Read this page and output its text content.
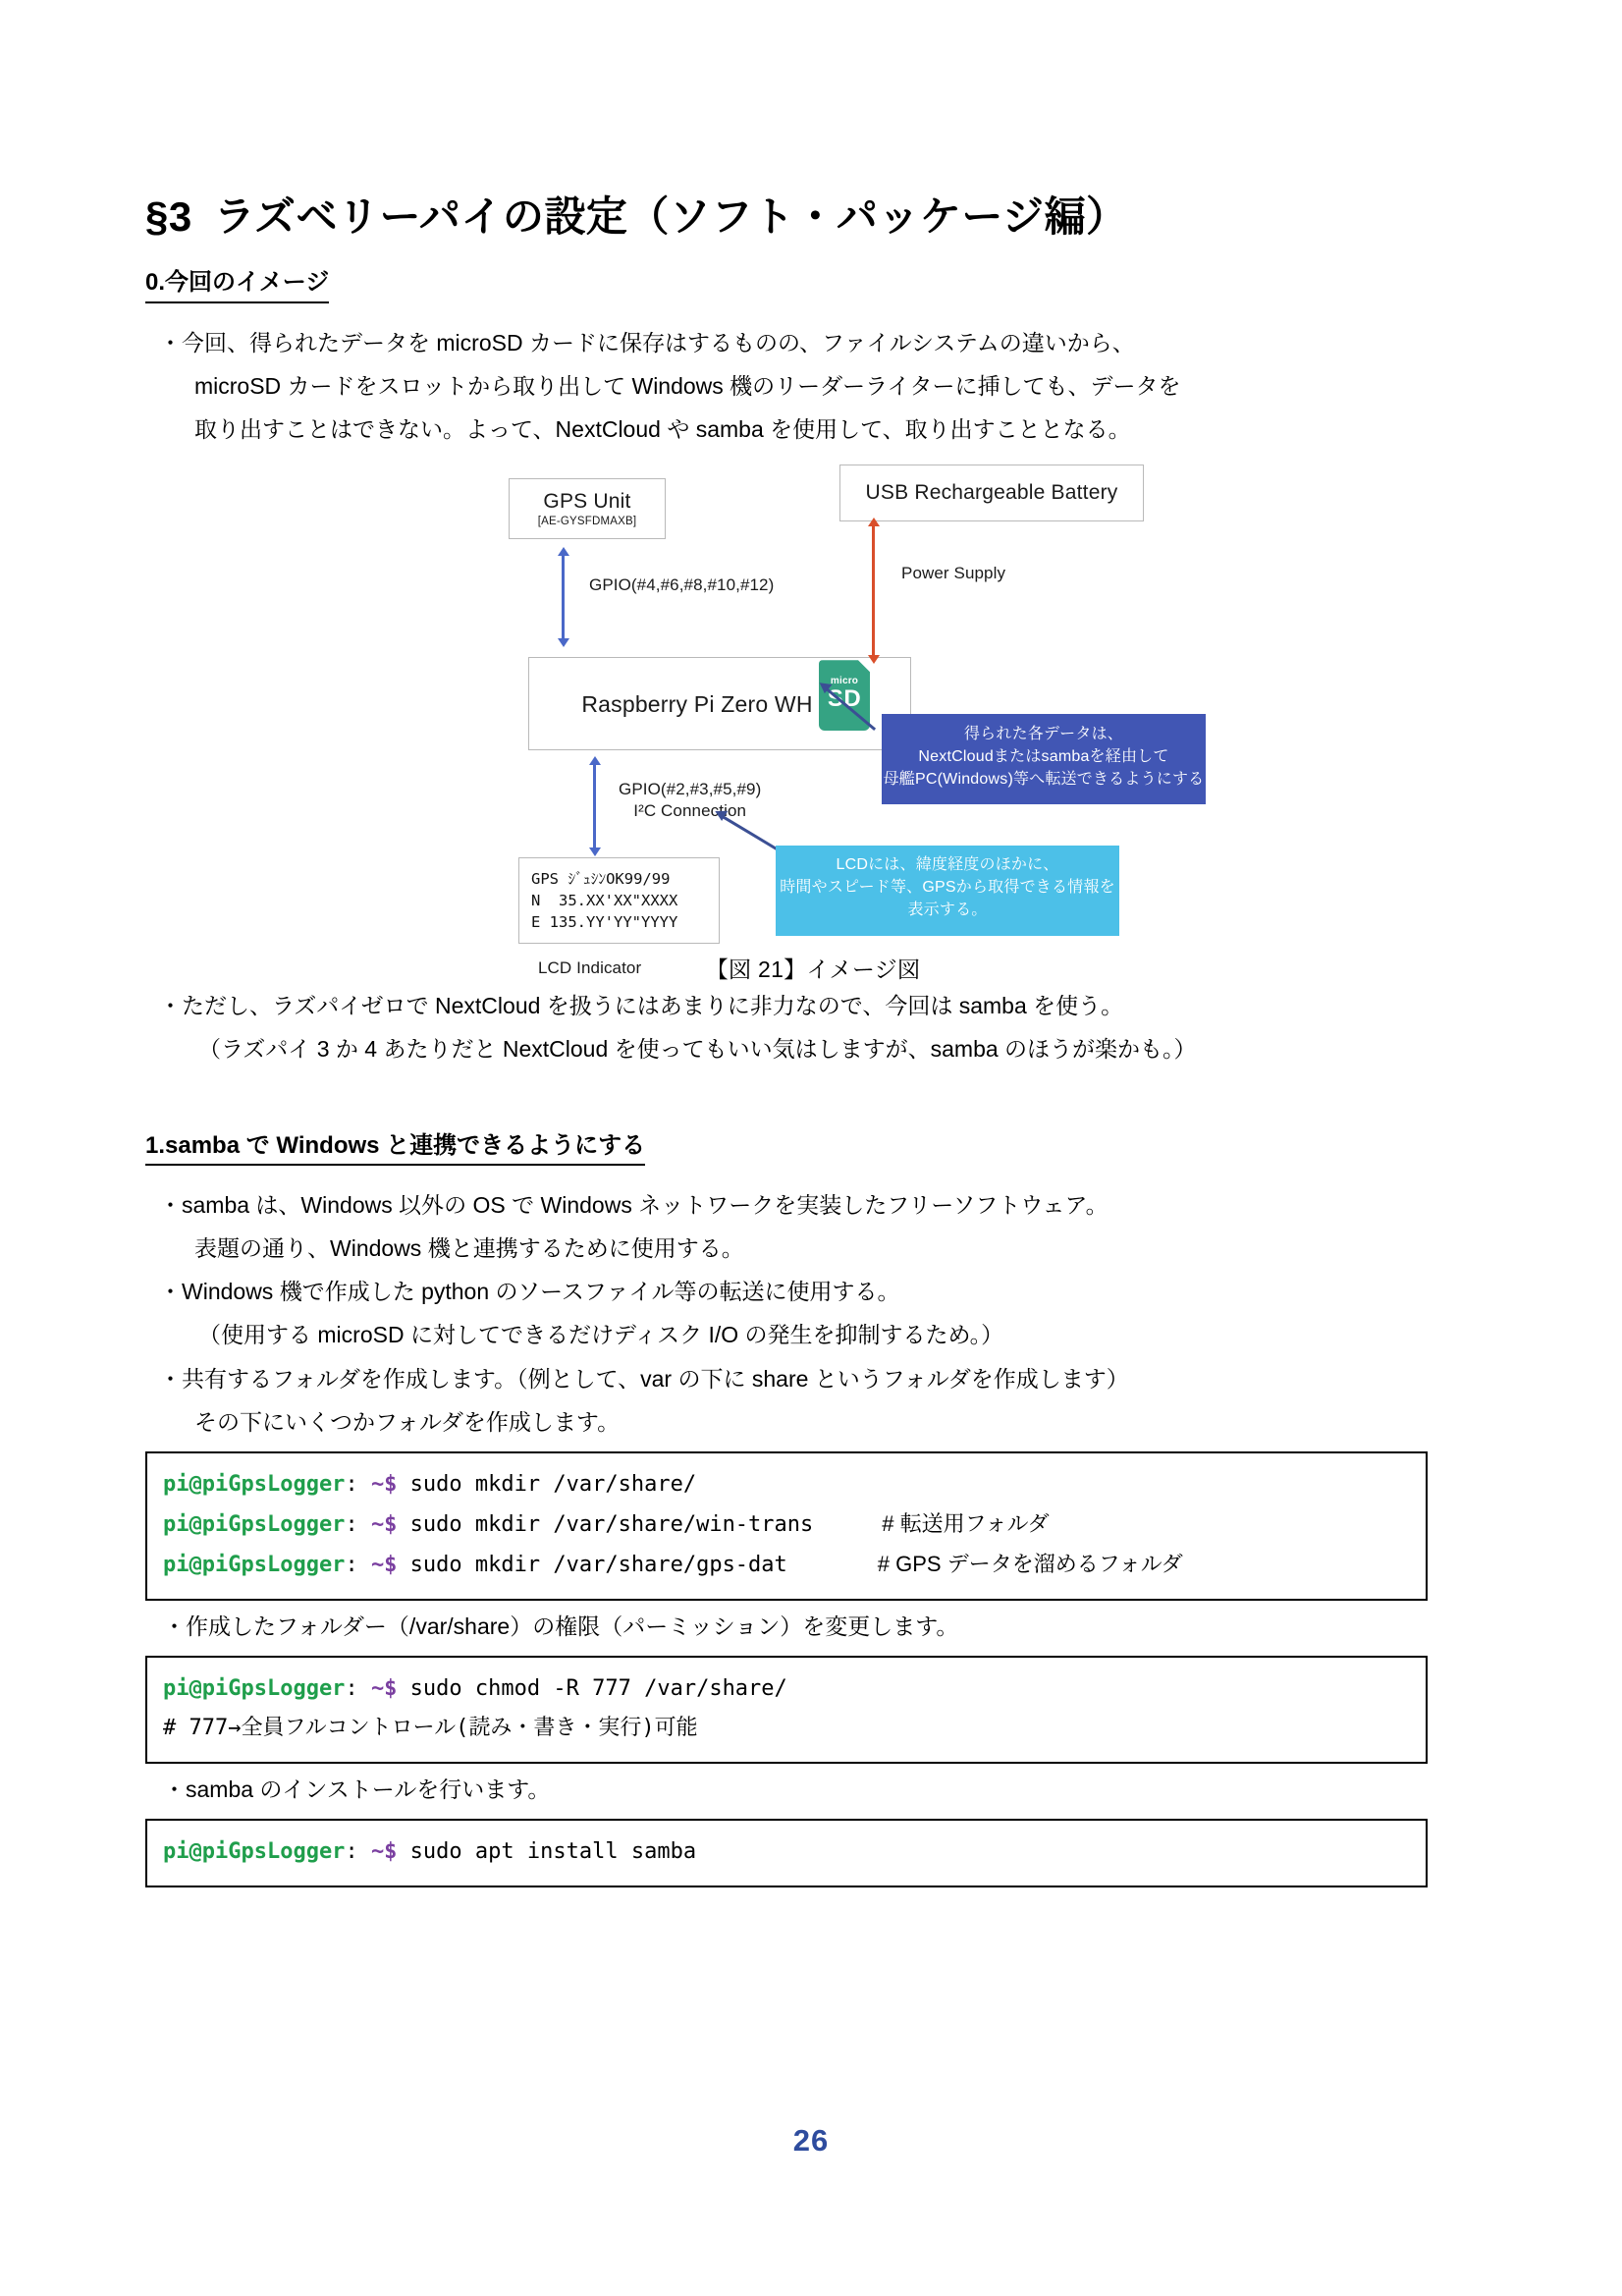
§3 ラズベリーパイの設定（ソフト・パッケージ編）
0.今回のイメージ

・今回、得られたデータを microSD カードに保存はするものの、ファイルシステムの違いから、

microSD カードをスロットから取り出して Windows 機のリーダーライターに挿しても、データを

取り出すことはできない。よって、NextCloud や samba を使用して、取り出すこととなる。

GPS Unit
[AE-GYSFDMAXB]
USB Rechargeable Battery
Raspberry Pi Zero WH
micro
SD
GPS ｼﾞｭｼﾝOK99/99
N  35.XX'XX"XXXX
E 135.YY'YY"YYYY
GPIO(#4,#6,#8,#10,#12)
GPIO(#2,#3,#5,#9)
I²C Connection
Power Supply
LCD Indicator
得られた各データは、
NextCloudまたはsambaを経由して
母艦PC(Windows)等へ転送できるようにする
LCDには、緯度経度のほかに、
時間やスピード等、GPSから取得できる情報を
表示する。

【図 21】イメージ図

・ただし、ラズパイゼロで NextCloud を扱うにはあまりに非力なので、今回は samba を使う。

（ラズパイ 3 か 4 あたりだと NextCloud を使ってもいい気はしますが、samba のほうが楽かも。）

1.samba で Windows と連携できるようにする

・samba は、Windows 以外の OS で Windows ネットワークを実装したフリーソフトウェア。

表題の通り、Windows 機と連携するために使用する。

・Windows 機で作成した python のソースファイル等の転送に使用する。

（使用する microSD に対してできるだけディスク I/O の発生を抑制するため。）

・共有するフォルダを作成します。（例として、var の下に share というフォルダを作成します）

その下にいくつかフォルダを作成します。

pi@piGpsLogger: ~$ sudo mkdir /var/share/
pi@piGpsLogger: ~$ sudo mkdir /var/share/win-trans	# 転送用フォルダ
pi@piGpsLogger: ~$ sudo mkdir /var/share/gps-dat	# GPS データを溜めるフォルダ

・作成したフォルダー（/var/share）の権限（パーミッション）を変更します。

pi@piGpsLogger: ~$ sudo chmod -R 777 /var/share/
# 777→全員フルコントロール(読み・書き・実行)可能

・samba のインストールを行います。

pi@piGpsLogger: ~$ sudo apt install samba
26
